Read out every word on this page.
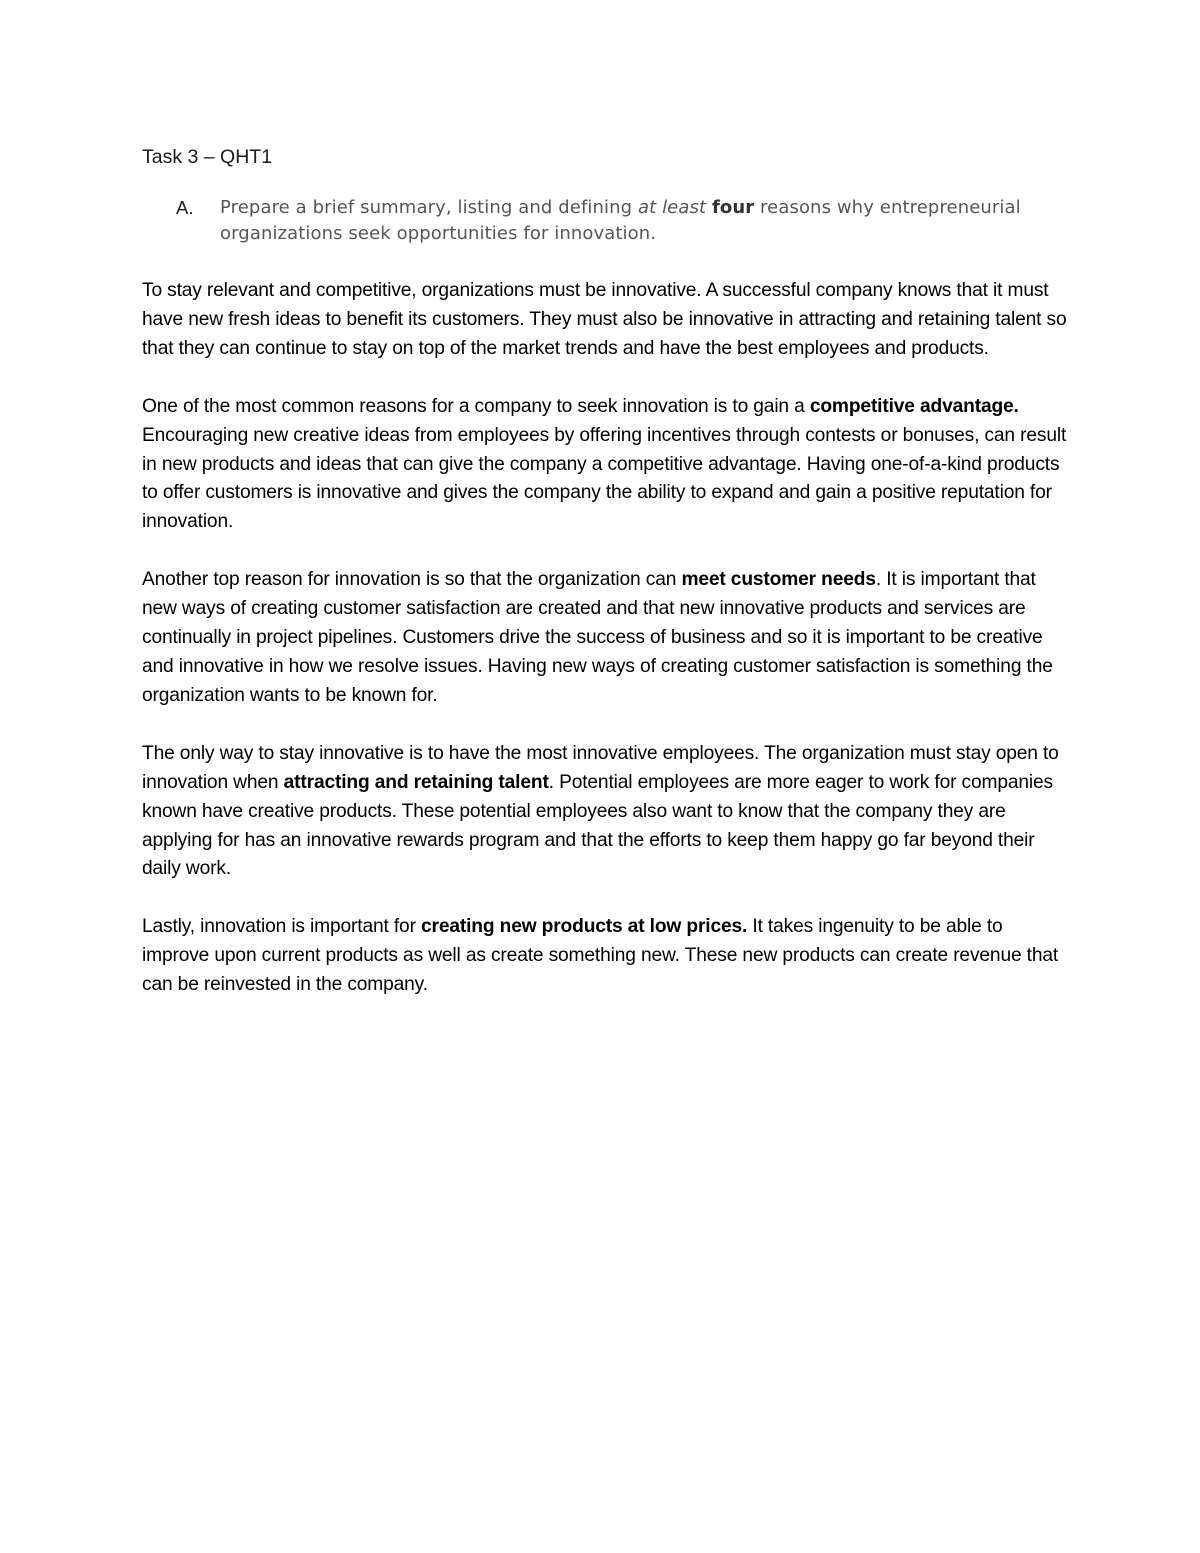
Task 3 – QHT1
A.	Prepare a brief summary, listing and defining at least four reasons why entrepreneurial organizations seek opportunities for innovation.

To stay relevant and competitive, organizations must be innovative. A successful company knows that it must have new fresh ideas to benefit its customers. They must also be innovative in attracting and retaining talent so that they can continue to stay on top of the market trends and have the best employees and products.

One of the most common reasons for a company to seek innovation is to gain a competitive advantage. Encouraging new creative ideas from employees by offering incentives through contests or bonuses, can result in new products and ideas that can give the company a competitive advantage. Having one-of-a-kind products to offer customers is innovative and gives the company the ability to expand and gain a positive reputation for innovation.

Another top reason for innovation is so that the organization can meet customer needs. It is important that new ways of creating customer satisfaction are created and that new innovative products and services are continually in project pipelines. Customers drive the success of business and so it is important to be creative and innovative in how we resolve issues. Having new ways of creating customer satisfaction is something the organization wants to be known for.

The only way to stay innovative is to have the most innovative employees. The organization must stay open to innovation when attracting and retaining talent. Potential employees are more eager to work for companies known have creative products. These potential employees also want to know that the company they are applying for has an innovative rewards program and that the efforts to keep them happy go far beyond their daily work.

Lastly, innovation is important for creating new products at low prices. It takes ingenuity to be able to improve upon current products as well as create something new. These new products can create revenue that can be reinvested in the company.
